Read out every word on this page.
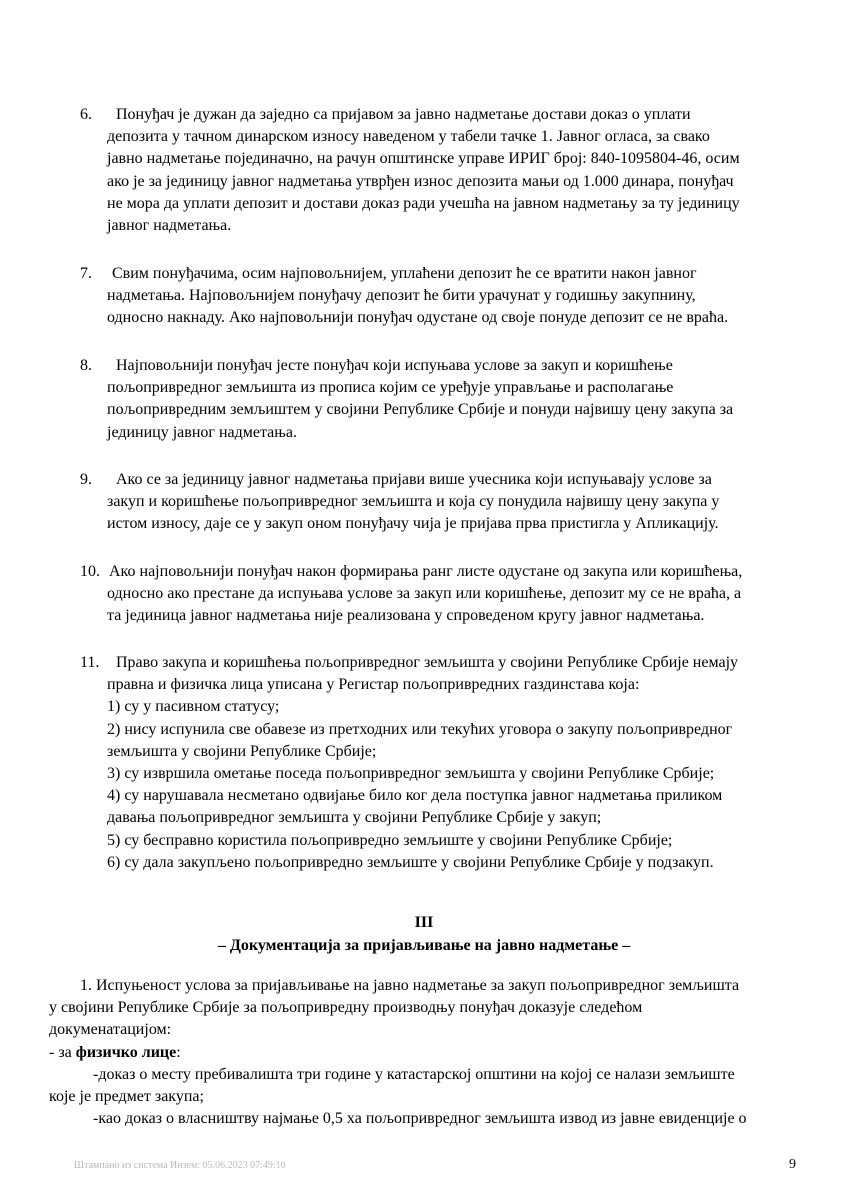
6.	Понуђач је дужан да заједно са пријавом за јавно надметање достави доказ о уплати
депозита у тачном динарском износу наведеном у табели тачке 1. Јавног огласа, за свако
јавно надметање појединачно, на рачун општинске управе ИРИГ број: 840-1095804-46, осим
ако је за јединицу јавног надметања утврђен износ депозита мањи од 1.000 динара, понуђач
не мора да уплати депозит и достави доказ ради учешћа на јавном надметању за ту јединицу
јавног надметања.
7.	Свим понуђачима, осим најповољнијем, уплаћени депозит ће се вратити након јавног
надметања. Најповољнијем понуђачу депозит ће бити урачунат у годишњу закупнину,
односно накнаду. Ако најповољнији понуђач одустане од своје понуде депозит се не враћа.
8.	Најповољнији понуђач јесте понуђач који испуњава услове за закуп и коришћење
пољопривредног земљишта из прописа којим се уређује управљање и располагање
пољопривредним земљиштем у својини Републике Србије и понуди највишу цену закупа за
јединицу јавног надметања.
9.	Ако се за јединицу јавног надметања пријави више учесника који испуњавају услове за
закуп и коришћење пољопривредног земљишта и која су понудила највишу цену закупа у
истом износу, даје се у закуп оном понуђачу чија је пријава прва пристигла у Апликацију.
10. Ако најповољнији понуђач након формирања ранг листе одустане од закупа или коришћења,
односно ако престане да испуњава услове за закуп или коришћење, депозит му се не враћа, а
та јединица јавног надметања није реализована у спроведеном кругу јавног надметања.
11.	Право закупа и коришћења пољопривредног земљишта у својини Републике Србије немају
правна и физичка лица уписана у Регистар пољопривредних газдинстава која:
1) су у пасивном статусу;
2) нису испунила све обавезе из претходних или текућих уговора о закупу пољопривредног
земљишта у својини Републике Србије;
3) су извршила ометање поседа пољопривредног земљишта у својини Републике Србије;
4) су нарушавала несметано одвијање било ког дела поступка јавног надметања приликом
давања пољопривредног земљишта у својини Републике Србије у закуп;
5) су бесправно користила пољопривредно земљиште у својини Републике Србије;
6) су дала закупљено пољопривредно земљиште у својини Републике Србије у подзакуп.
III
– Документација за пријављивање на јавно надметање –
1. Испуњеност услова за пријављивање на јавно надметање за закуп пољопривредног земљишта
у својини Републике Србије за пољопривредну производњу понуђач доказује следећом
докуменатацијом:
- за физичко лице:
-доказ о месту пребивалишта три године у катастарској општини на којој се налази земљиште
које је предмет закупа;
-као доказ о власништву најмање 0,5 ха пољопривредног земљишта извод из јавне евиденције о
Штампано из система Инзем: 05.06.2023 07:49:10	9
